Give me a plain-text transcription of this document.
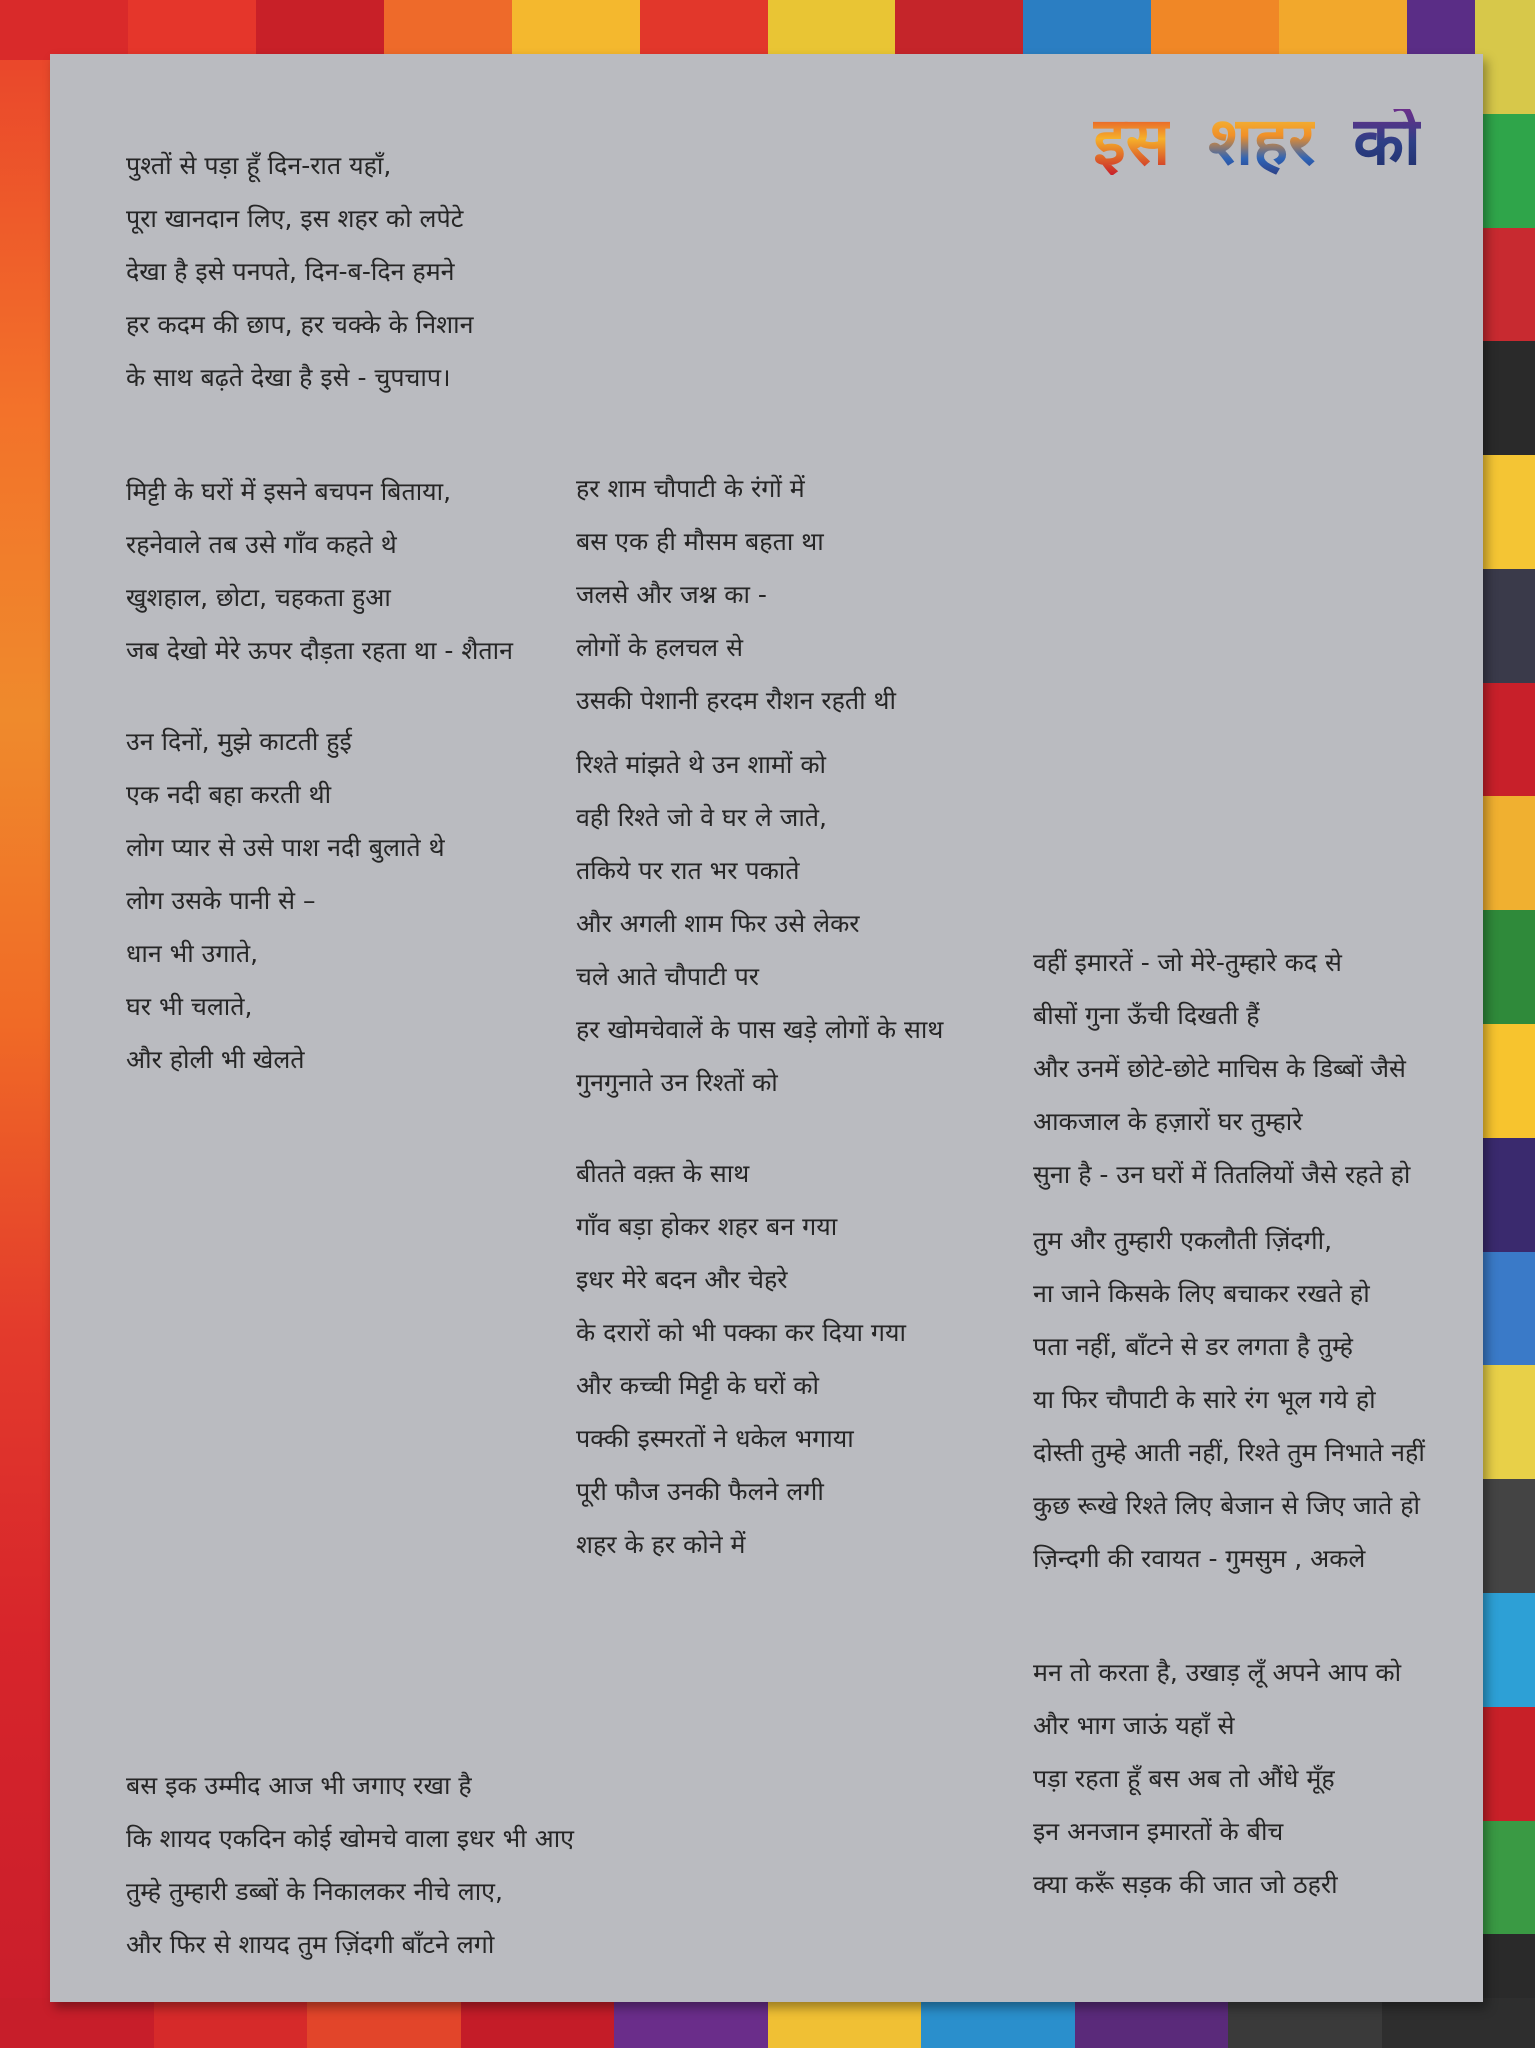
इस शहर को
पुश्तों से पड़ा हूँ दिन-रात यहाँ,
पूरा खानदान लिए, इस शहर को लपेटे
देखा है इसे पनपते, दिन-ब-दिन हमने
हर कदम की छाप, हर चक्के के निशान
के साथ बढ़ते देखा है इसे - चुपचाप।
मिट्टी के घरों में इसने बचपन बिताया,
रहनेवाले तब उसे गाँव कहते थे
खुशहाल, छोटा, चहकता हुआ
जब देखो मेरे ऊपर दौड़ता रहता था - शैतान
उन दिनों, मुझे काटती हुई
एक नदी बहा करती थी
लोग प्यार से उसे पाश नदी बुलाते थे
लोग उसके पानी से –
धान भी उगाते,
घर भी चलाते,
और होली भी खेलते
हर शाम चौपाटी के रंगों में
बस एक ही मौसम बहता था
जलसे और जश्न का -
लोगों के हलचल से
उसकी पेशानी हरदम रौशन रहती थी
रिश्ते मांझते थे उन शामों को
वही रिश्ते जो वे घर ले जाते,
तकिये पर रात भर पकाते
और अगली शाम फिर उसे लेकर
चले आते चौपाटी पर
हर खोमचेवालें के पास खड़े लोगों के साथ
गुनगुनाते उन रिश्तों को
बीतते वक़्त के साथ
गाँव बड़ा होकर शहर बन गया
इधर मेरे बदन और चेहरे
के दरारों को भी पक्का कर दिया गया
और कच्ची मिट्टी के घरों को
पक्की इस्मरतों ने धकेल भगाया
पूरी फौज उनकी फैलने लगी
शहर के हर कोने में
वहीं इमारतें - जो मेरे-तुम्हारे कद से
बीसों गुना ऊँची दिखती हैं
और उनमें छोटे-छोटे माचिस के डिब्बों जैसे
आकजाल के हज़ारों घर तुम्हारे
सुना है - उन घरों में तितलियों जैसे रहते हो
तुम और तुम्हारी एकलौती ज़िंदगी,
ना जाने किसके लिए बचाकर रखते हो
पता नहीं, बाँटने से डर लगता है तुम्हे
या फिर चौपाटी के सारे रंग भूल गये हो
दोस्ती तुम्हे आती नहीं, रिश्ते तुम निभाते नहीं
कुछ रूखे रिश्ते लिए बेजान से जिए जाते हो
ज़िन्दगी की रवायत - गुमसुम , अकले
मन तो करता है, उखाड़ लूँ अपने आप को
और भाग जाऊं यहाँ से
पड़ा रहता हूँ बस अब तो औंधे मूँह
इन अनजान इमारतों के बीच
क्या करूँ सड़क की जात जो ठहरी
बस इक उम्मीद आज भी जगाए रखा है
कि शायद एकदिन कोई खोमचे वाला इधर भी आए
तुम्हे तुम्हारी डब्बों के निकालकर नीचे लाए,
और फिर से शायद तुम ज़िंदगी बाँटने लगो
